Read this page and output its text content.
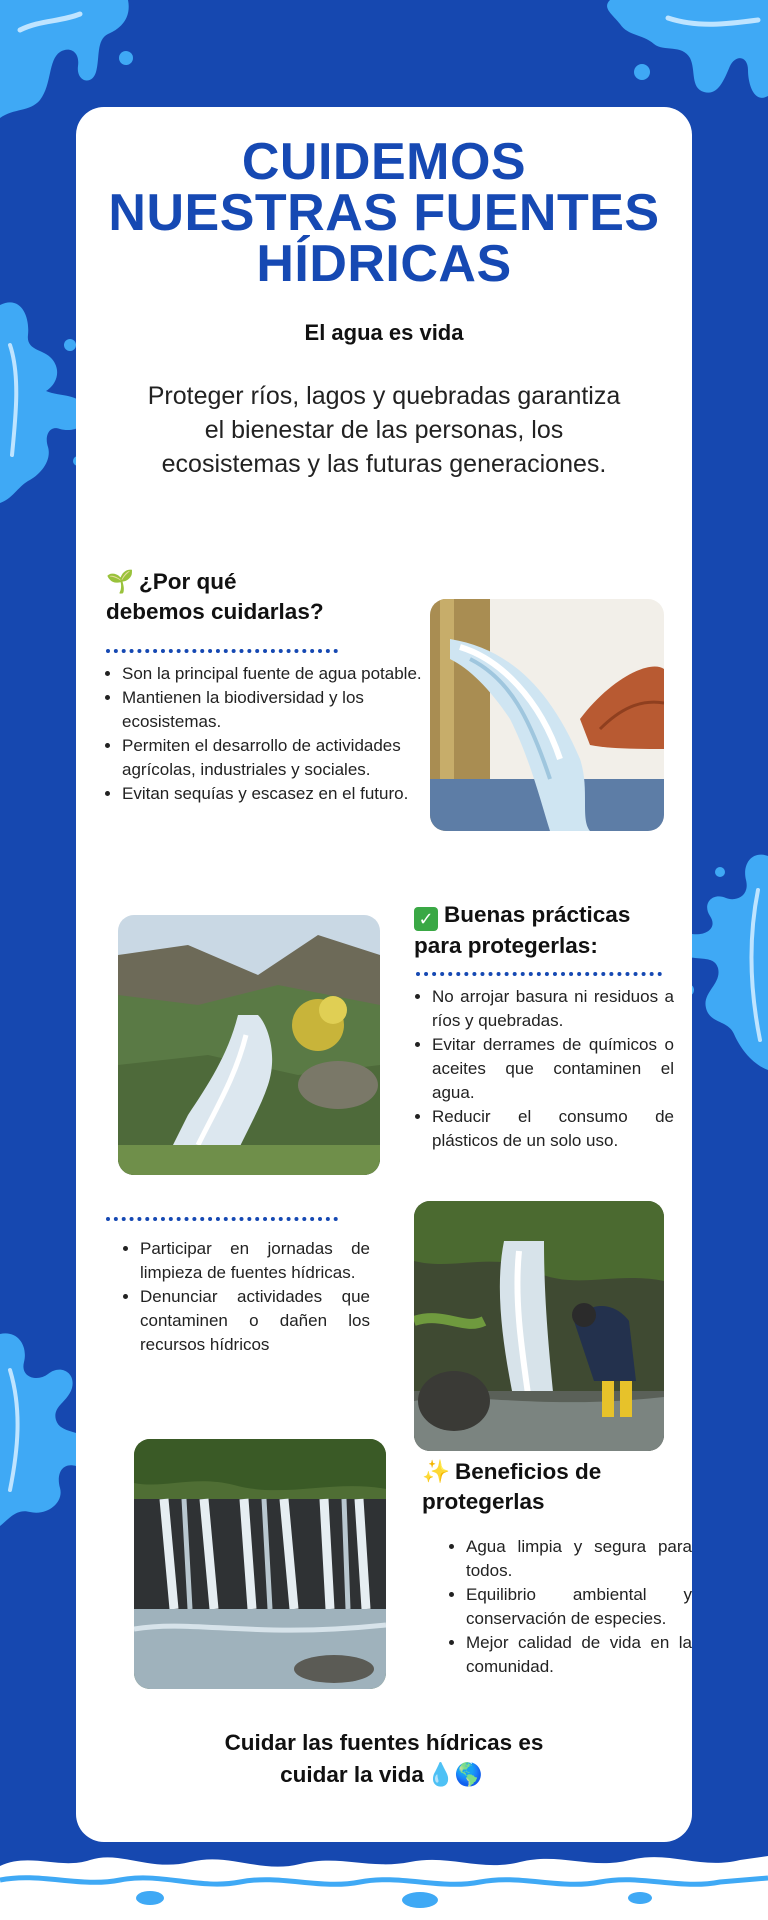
CUIDEMOS
NUESTRAS FUENTES
HÍDRICAS
El agua es vida
Proteger ríos, lagos y quebradas garantiza el bienestar de las personas, los ecosistemas y las futuras generaciones.
🌱 ¿Por qué
debemos cuidarlas?
• Son la principal fuente de agua potable.
• Mantienen la biodiversidad y los ecosistemas.
• Permiten el desarrollo de actividades agrícolas, industriales y sociales.
• Evitan sequías y escasez en el futuro.
✓ Buenas prácticas
para protegerlas:
• No arrojar basura ni residuos a ríos y quebradas.
• Evitar derrames de químicos o aceites que contaminen el agua.
• Reducir el consumo de plásticos de un solo uso.
• Participar en jornadas de limpieza de fuentes hídricas.
• Denunciar actividades que contaminen o dañen los recursos hídricos
✨ Beneficios de
protegerlas
• Agua limpia y segura para todos.
• Equilibrio ambiental y conservación de especies.
• Mejor calidad de vida en la comunidad.
Cuidar las fuentes hídricas es
cuidar la vida 💧🌎
